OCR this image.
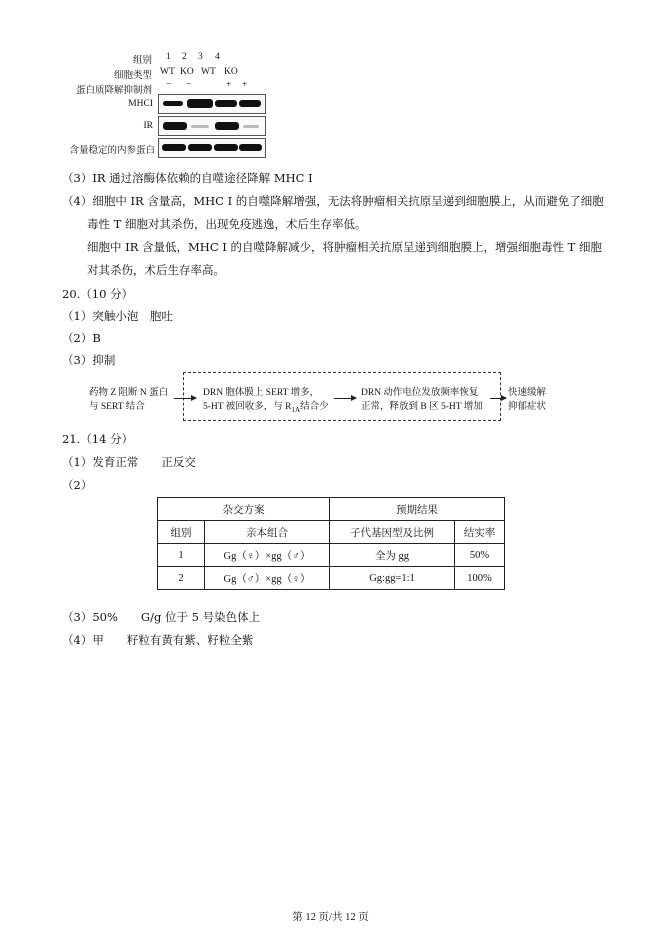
组别 1 2 3 4
细胞类型 WT KO WT KO
蛋白质降解抑制剂
− −	+ +
MHCI
IR
含量稳定的内参蛋白
（3）IR 通过溶酶体依赖的自噬途径降解 MHC I
（4）细胞中 IR 含量高，MHC I 的自噬降解增强，无法将肿瘤相关抗原呈递到细胞膜上，从而避免了细胞
毒性 T 细胞对其杀伤，出现免疫逃逸，术后生存率低。
细胞中 IR 含量低，MHC I 的自噬降解减少，将肿瘤相关抗原呈递到细胞膜上，增强细胞毒性 T 细胞
对其杀伤，术后生存率高。
20.（10 分）
（1）突触小泡　胞吐
（2）B
（3）抑制
药物 Z 阻断 N 蛋白
与 SERT 结合
DRN 胞体膜上 SERT 增多，
5-HT 被回收多，与 $R_{1A}$结合少
DRN 动作电位发放频率恢复
正常，释放到 B 区 5-HT 增加
快速缓解
抑郁症状
21.（14 分）
（1）发育正常　　正反交
（2）
杂交方案		预期结果	
组别	亲本组合	子代基因型及比例	结实率
1	Gg（♀）×gg（♂）	全为 gg	50%
2	Gg（♂）×gg（♀）	Gg:gg=1:1	100%
（3）50%　　G/g 位于 5 号染色体上
（4）甲　　籽粒有黄有紫、籽粒全紫
第 12 页/共 12 页
